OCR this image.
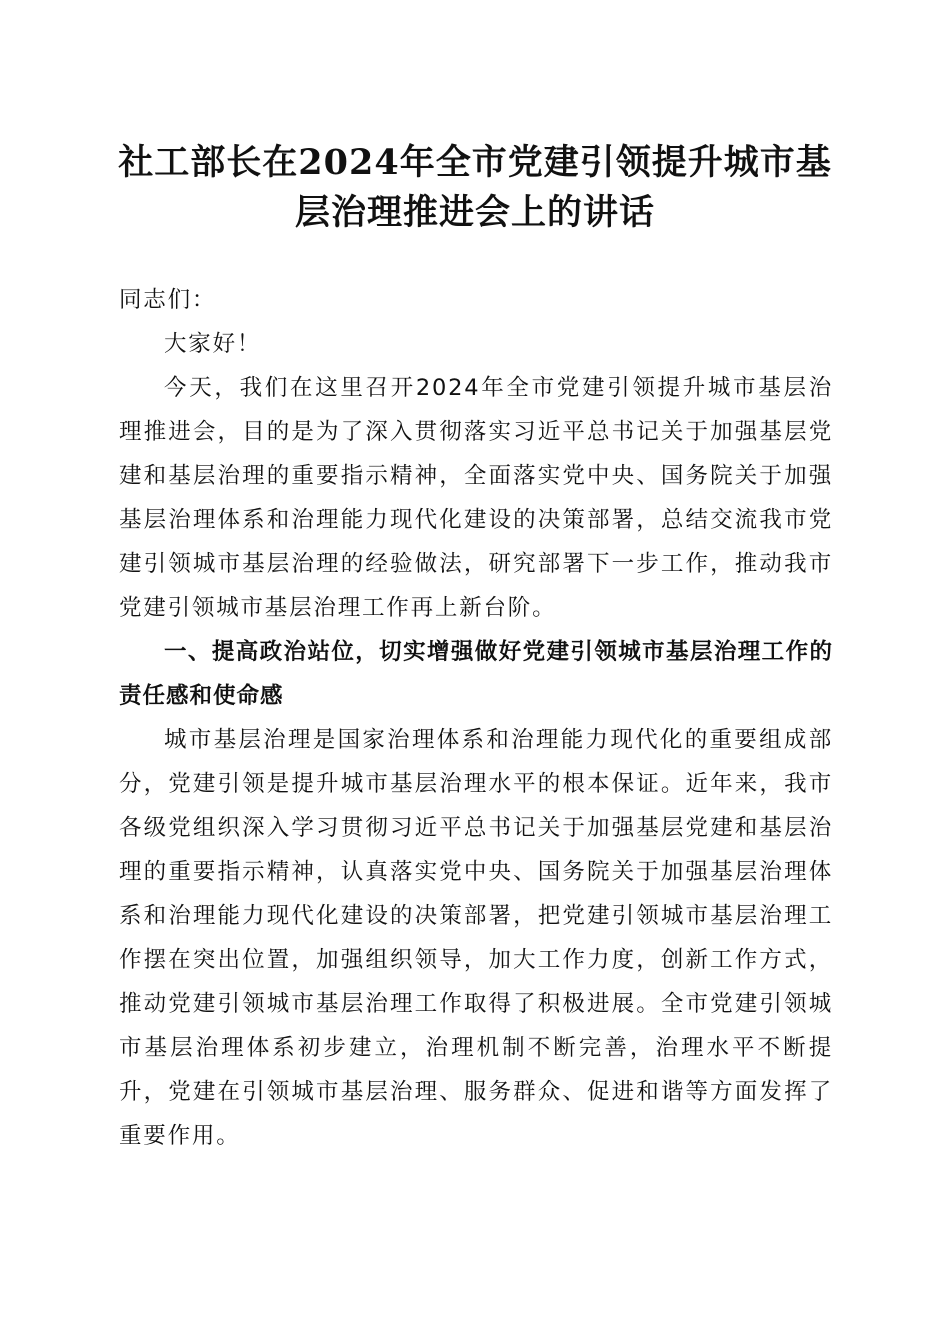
社工部长在2024年全市党建引领提升城市基
层治理推进会上的讲话

同志们：

大家好！

今天，我们在这里召开2024年全市党建引领提升城市基层治理推进会，目的是为了深入贯彻落实习近平总书记关于加强基层党建和基层治理的重要指示精神，全面落实党中央、国务院关于加强基层治理体系和治理能力现代化建设的决策部署，总结交流我市党建引领城市基层治理的经验做法，研究部署下一步工作，推动我市党建引领城市基层治理工作再上新台阶。

一、提高政治站位，切实增强做好党建引领城市基层治理工作的责任感和使命感

城市基层治理是国家治理体系和治理能力现代化的重要组成部分，党建引领是提升城市基层治理水平的根本保证。近年来，我市各级党组织深入学习贯彻习近平总书记关于加强基层党建和基层治理的重要指示精神，认真落实党中央、国务院关于加强基层治理体系和治理能力现代化建设的决策部署，把党建引领城市基层治理工作摆在突出位置，加强组织领导，加大工作力度，创新工作方式，推动党建引领城市基层治理工作取得了积极进展。全市党建引领城市基层治理体系初步建立，治理机制不断完善，治理水平不断提升，党建在引领城市基层治理、服务群众、促进和谐等方面发挥了重要作用。
